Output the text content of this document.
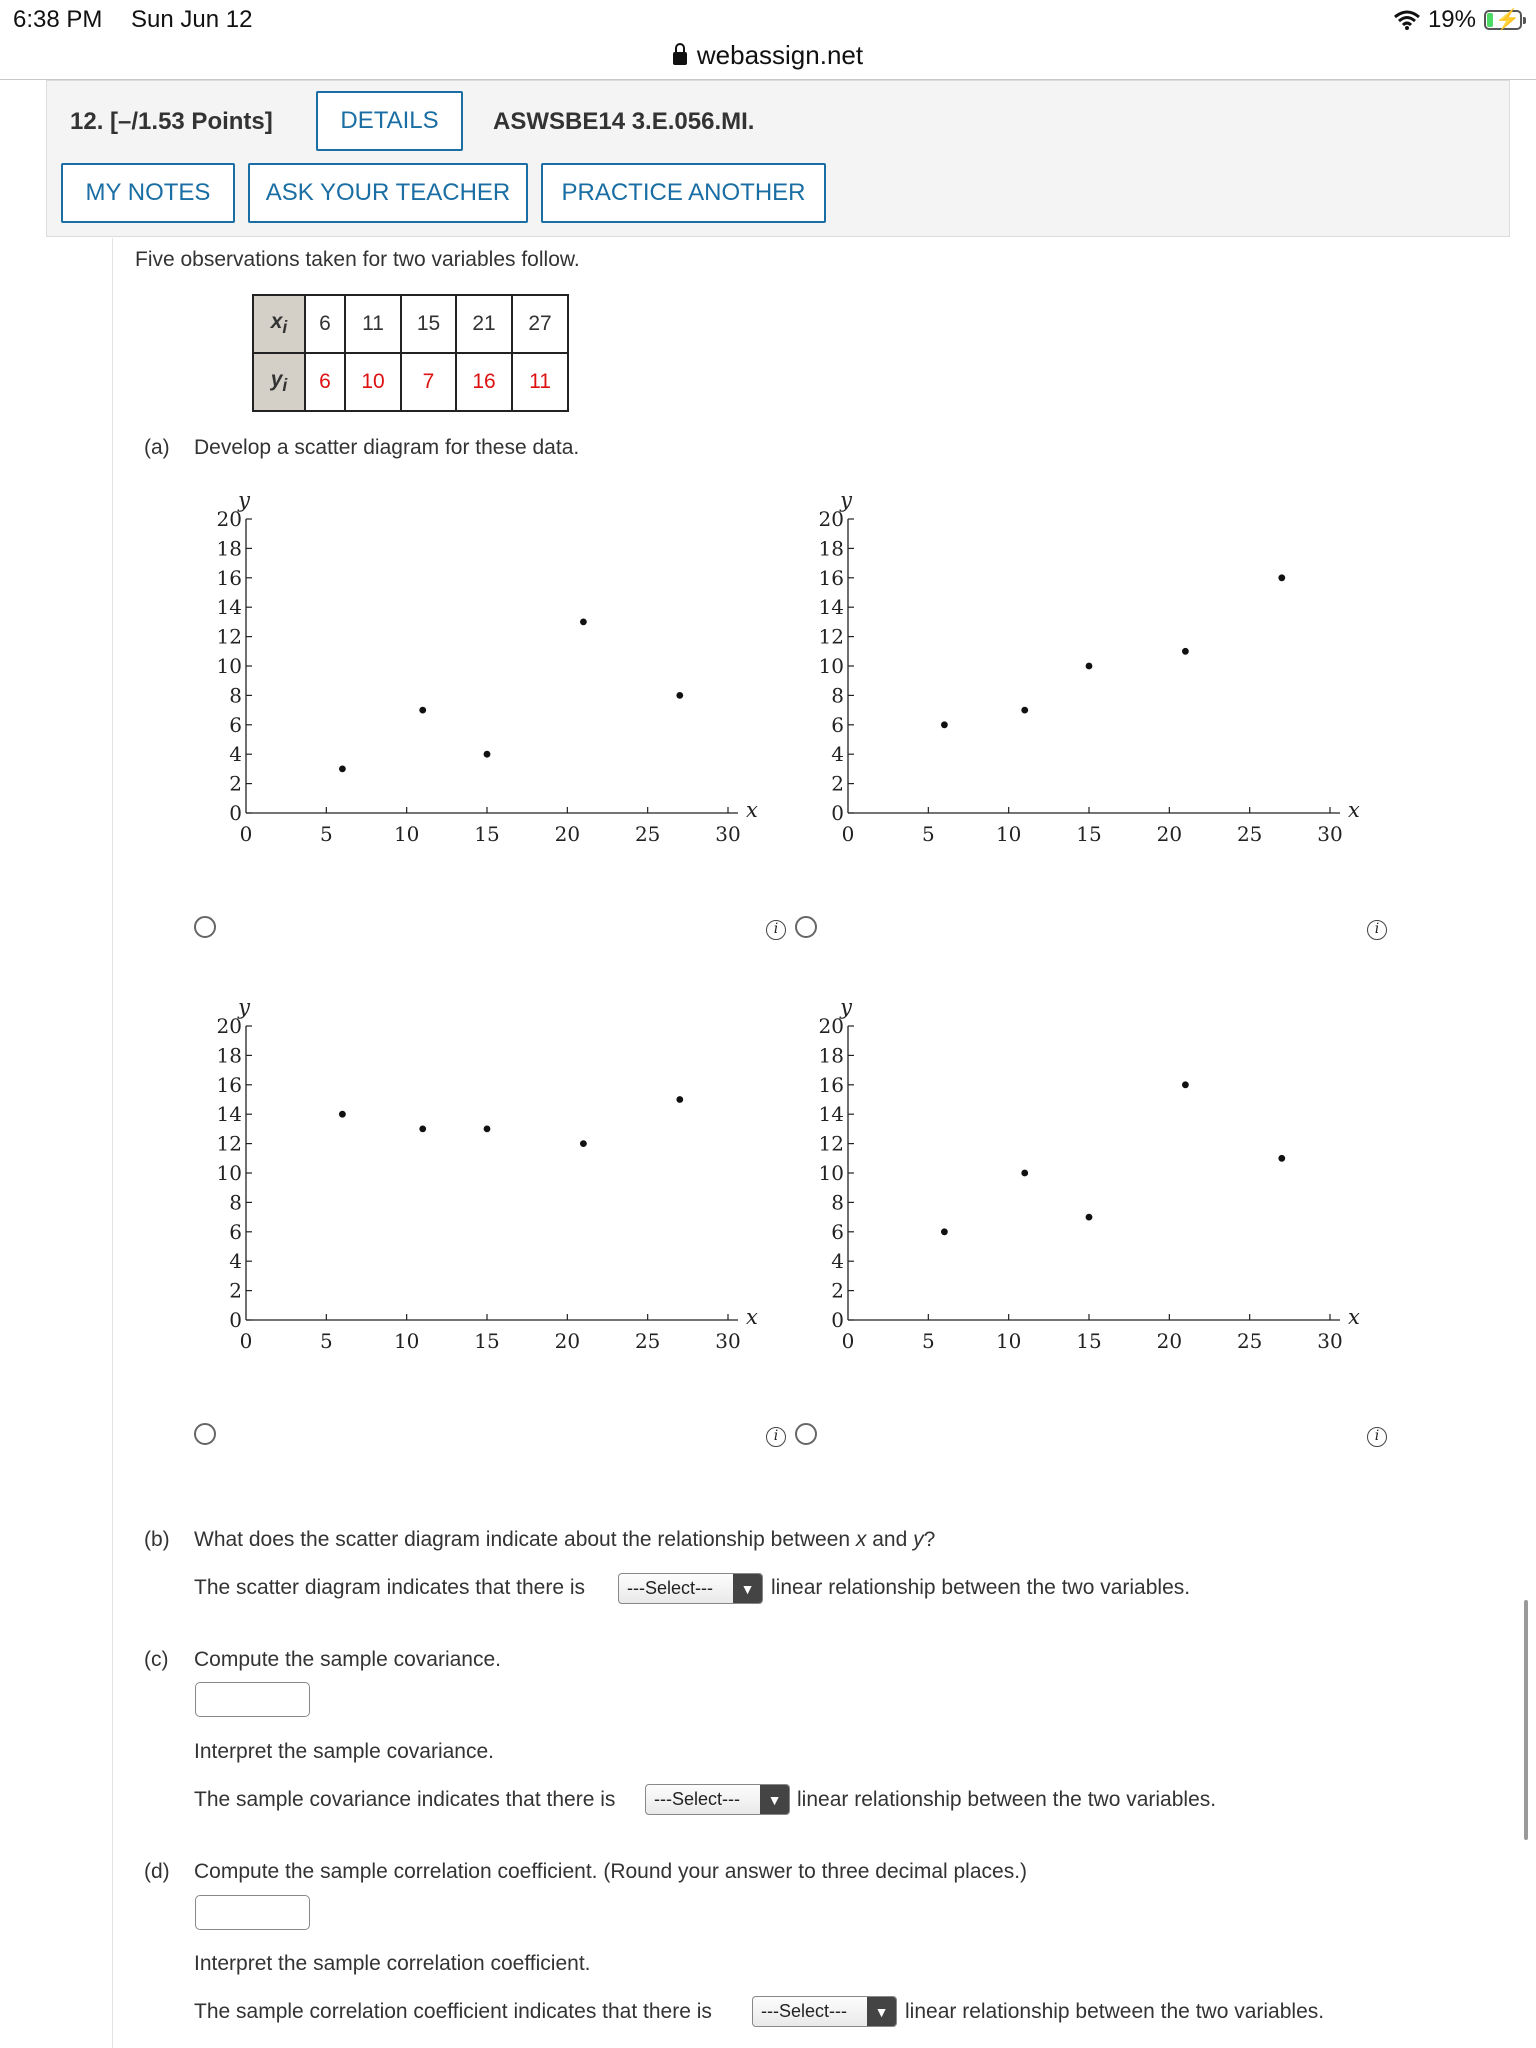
6:38 PM Sun Jun 12	19% ⚡
webassign.net
12. [–/1.53 Points]	DETAILS	ASWSBE14 3.E.056.MI.
MY NOTES	ASK YOUR TEACHER	PRACTICE ANOTHER
Five observations taken for two variables follow.
$x_i$	6	11	15	21	27
$y_i$	6	10	7	16	11
(a) Develop a scatter diagram for these data.
0
2
4
6
8
10
12
14
16
18
20
0	5	10	15	20	25	30
x
y
0
2
4
6
8
10
12
14
16
18
20
0	5	10	15	20	25	30
x
y
0
2
4
6
8
10
12
14
16
18
20
0	5	10	15	20	25	30
x
y
0
2
4
6
8
10
12
14
16
18
20
0	5	10	15	20	25	30
x
y
i	i
i	i
(b) What does the scatter diagram indicate about the relationship between x and y?
The scatter diagram indicates that there is ---Select---	▼ linear relationship between the two variables.
(c) Compute the sample covariance.
Interpret the sample covariance.
The sample covariance indicates that there is ---Select---	▼ linear relationship between the two variables.
(d) Compute the sample correlation coefficient. (Round your answer to three decimal places.)
Interpret the sample correlation coefficient.
The sample correlation coefficient indicates that there is	---Select---	▼ linear relationship between the two variables.
